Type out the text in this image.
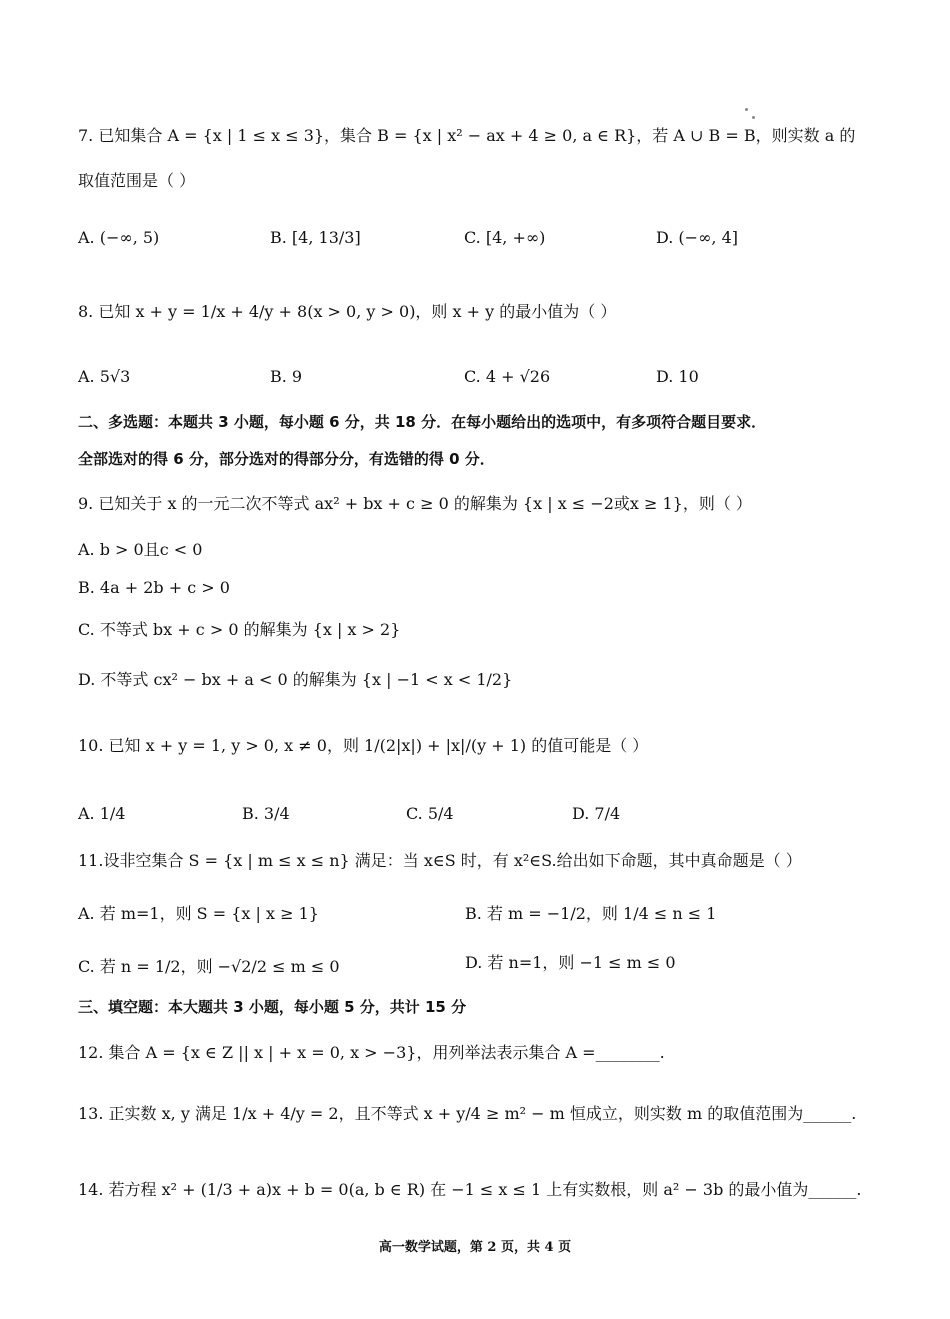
7. 已知集合 A = {x | 1 ≤ x ≤ 3}，集合 B = {x | x² − ax + 4 ≥ 0, a ∈ R}，若 A ∪ B = B，则实数 a 的
取值范围是（ ）
A. (−∞, 5)	B. [4, 13/3]	C. [4, +∞)	D. (−∞, 4]
8. 已知 x + y = 1/x + 4/y + 8(x > 0, y > 0)，则 x + y 的最小值为（ ）
A. 5√3	B. 9	C. 4 + √26	D. 10
二、多选题：本题共 3 小题，每小题 6 分，共 18 分．在每小题给出的选项中，有多项符合题目要求．
全部选对的得 6 分，部分选对的得部分分，有选错的得 0 分．
9. 已知关于 x 的一元二次不等式 ax² + bx + c ≥ 0 的解集为 {x | x ≤ −2或x ≥ 1}，则（ ）
A. b > 0且c < 0
B. 4a + 2b + c > 0
C. 不等式 bx + c > 0 的解集为 {x | x > 2}
D. 不等式 cx² − bx + a < 0 的解集为 {x | −1 < x < 1/2}
10. 已知 x + y = 1, y > 0, x ≠ 0，则 1/(2|x|) + |x|/(y + 1) 的值可能是（ ）
A. 1/4	B. 3/4	C. 5/4	D. 7/4
11.设非空集合 S = {x | m ≤ x ≤ n} 满足：当 x∈S 时，有 x²∈S.给出如下命题，其中真命题是（ ）
A. 若 m=1，则 S = {x | x ≥ 1}	B. 若 m = −1/2，则 1/4 ≤ n ≤ 1
C. 若 n = 1/2，则 −√2/2 ≤ m ≤ 0	D. 若 n=1，则 −1 ≤ m ≤ 0
三、填空题：本大题共 3 小题，每小题 5 分，共计 15 分
12. 集合 A = {x ∈ Z || x | + x = 0, x > −3}，用列举法表示集合 A =________.
13. 正实数 x, y 满足 1/x + 4/y = 2，且不等式 x + y/4 ≥ m² − m 恒成立，则实数 m 的取值范围为______.
14. 若方程 x² + (1/3 + a)x + b = 0(a, b ∈ R) 在 −1 ≤ x ≤ 1 上有实数根，则 a² − 3b 的最小值为______.
高一数学试题，第 2 页，共 4 页
